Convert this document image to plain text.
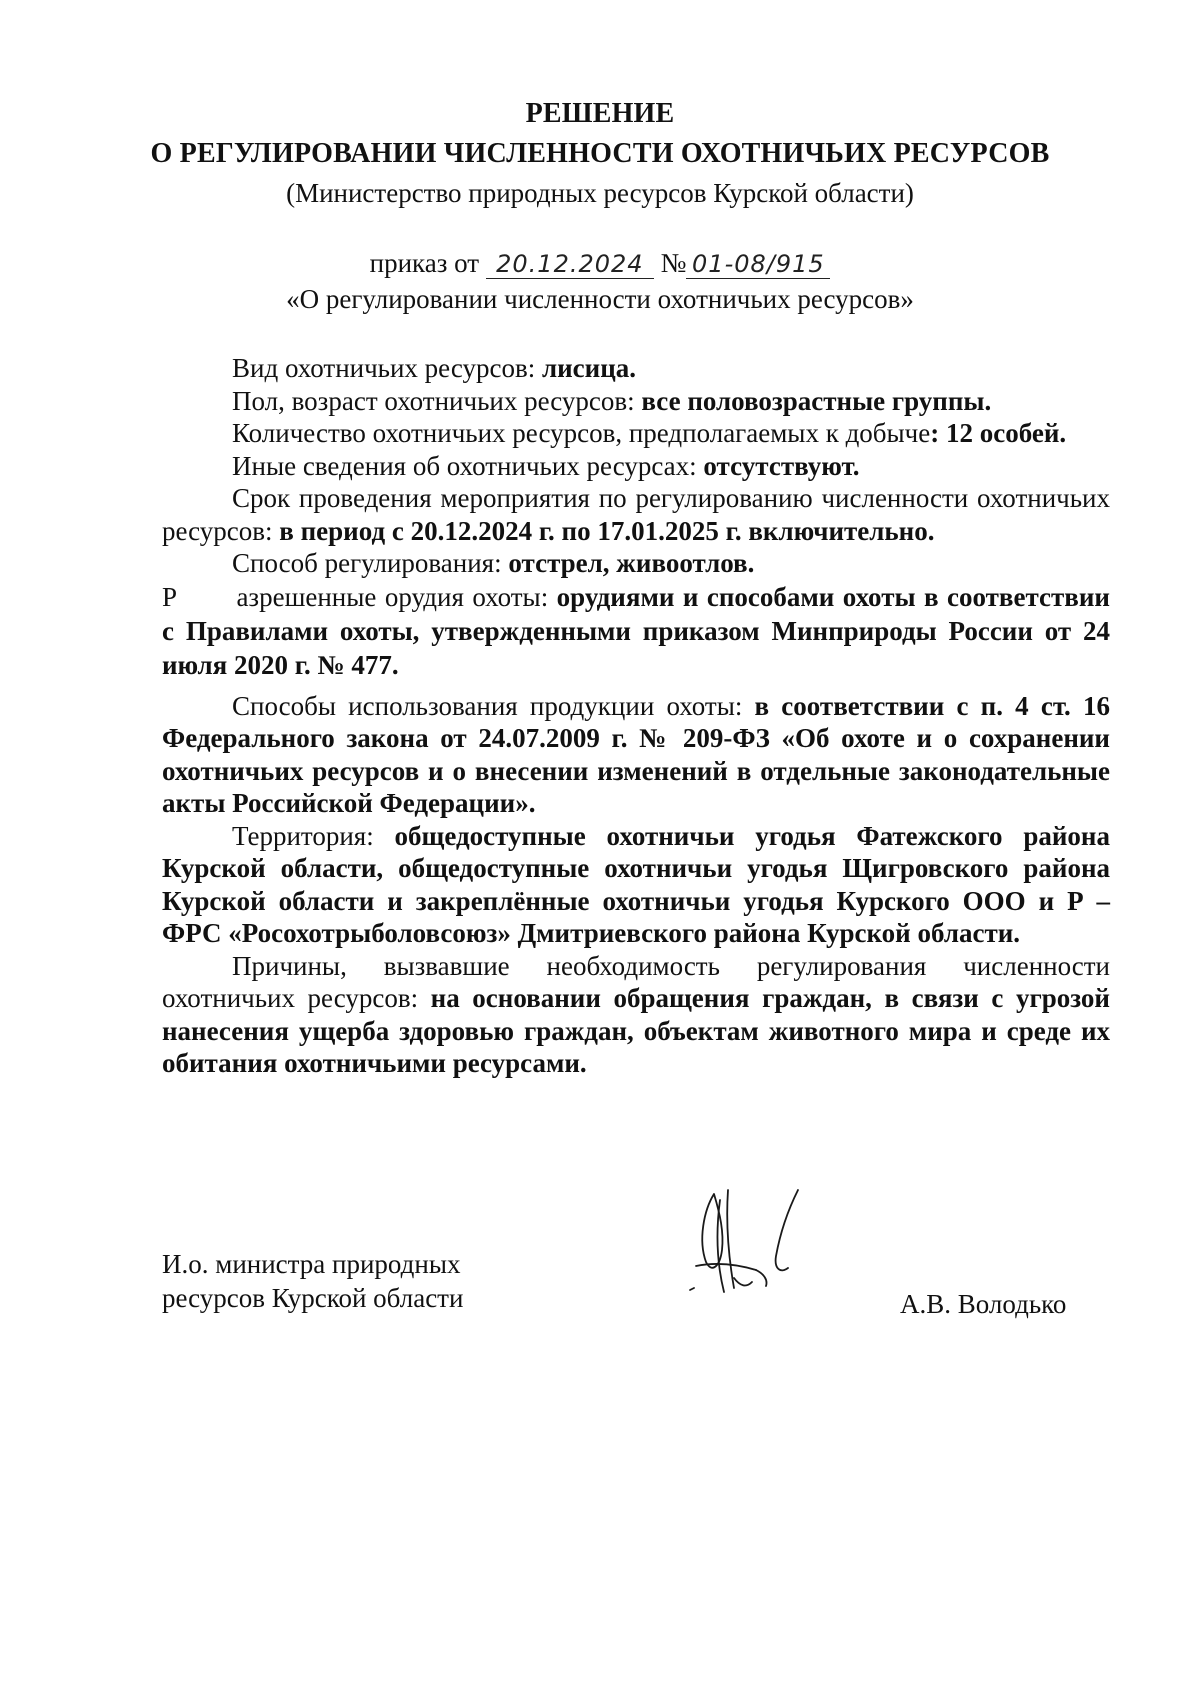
РЕШЕНИЕ
О РЕГУЛИРОВАНИИ ЧИСЛЕННОСТИ ОХОТНИЧЬИХ РЕСУРСОВ
(Министерство природных ресурсов Курской области)
приказ от 20.12.2024 № 01-08/915
«О регулировании численности охотничьих ресурсов»

Вид охотничьих ресурсов: лисица.

Пол, возраст охотничьих ресурсов: все половозрастные группы.

Количество охотничьих ресурсов, предполагаемых к добыче: 12 особей.

Иные сведения об охотничьих ресурсах: отсутствуют.

Срок проведения мероприятия по регулированию численности охотничьих ресурсов: в период с 20.12.2024 г. по 17.01.2025 г. включительно.

Способ регулирования: отстрел, живоотлов.

Р азрешенные орудия охоты: орудиями и способами охоты в соответствии с Правилами охоты, утвержденными приказом Минприроды России от 24 июля 2020 г. № 477.

Способы использования продукции охоты: в соответствии с п. 4 ст. 16 Федерального закона от 24.07.2009 г. № 209-ФЗ «Об охоте и о сохранении охотничьих ресурсов и о внесении изменений в отдельные законодательные акты Российской Федерации».

Территория: общедоступные охотничьи угодья Фатежского района Курской области, общедоступные охотничьи угодья Щигровского района Курской области и закреплённые охотничьи угодья Курского ООО и Р – ФРС «Росохотрыболовсоюз» Дмитриевского района Курской области.

Причины, вызвавшие необходимость регулирования численности охотничьих ресурсов: на основании обращения граждан, в связи с угрозой нанесения ущерба здоровью граждан, объектам животного мира и среде их обитания охотничьими ресурсами.

И.о. министра природных
ресурсов Курской области	А.В. Володько
